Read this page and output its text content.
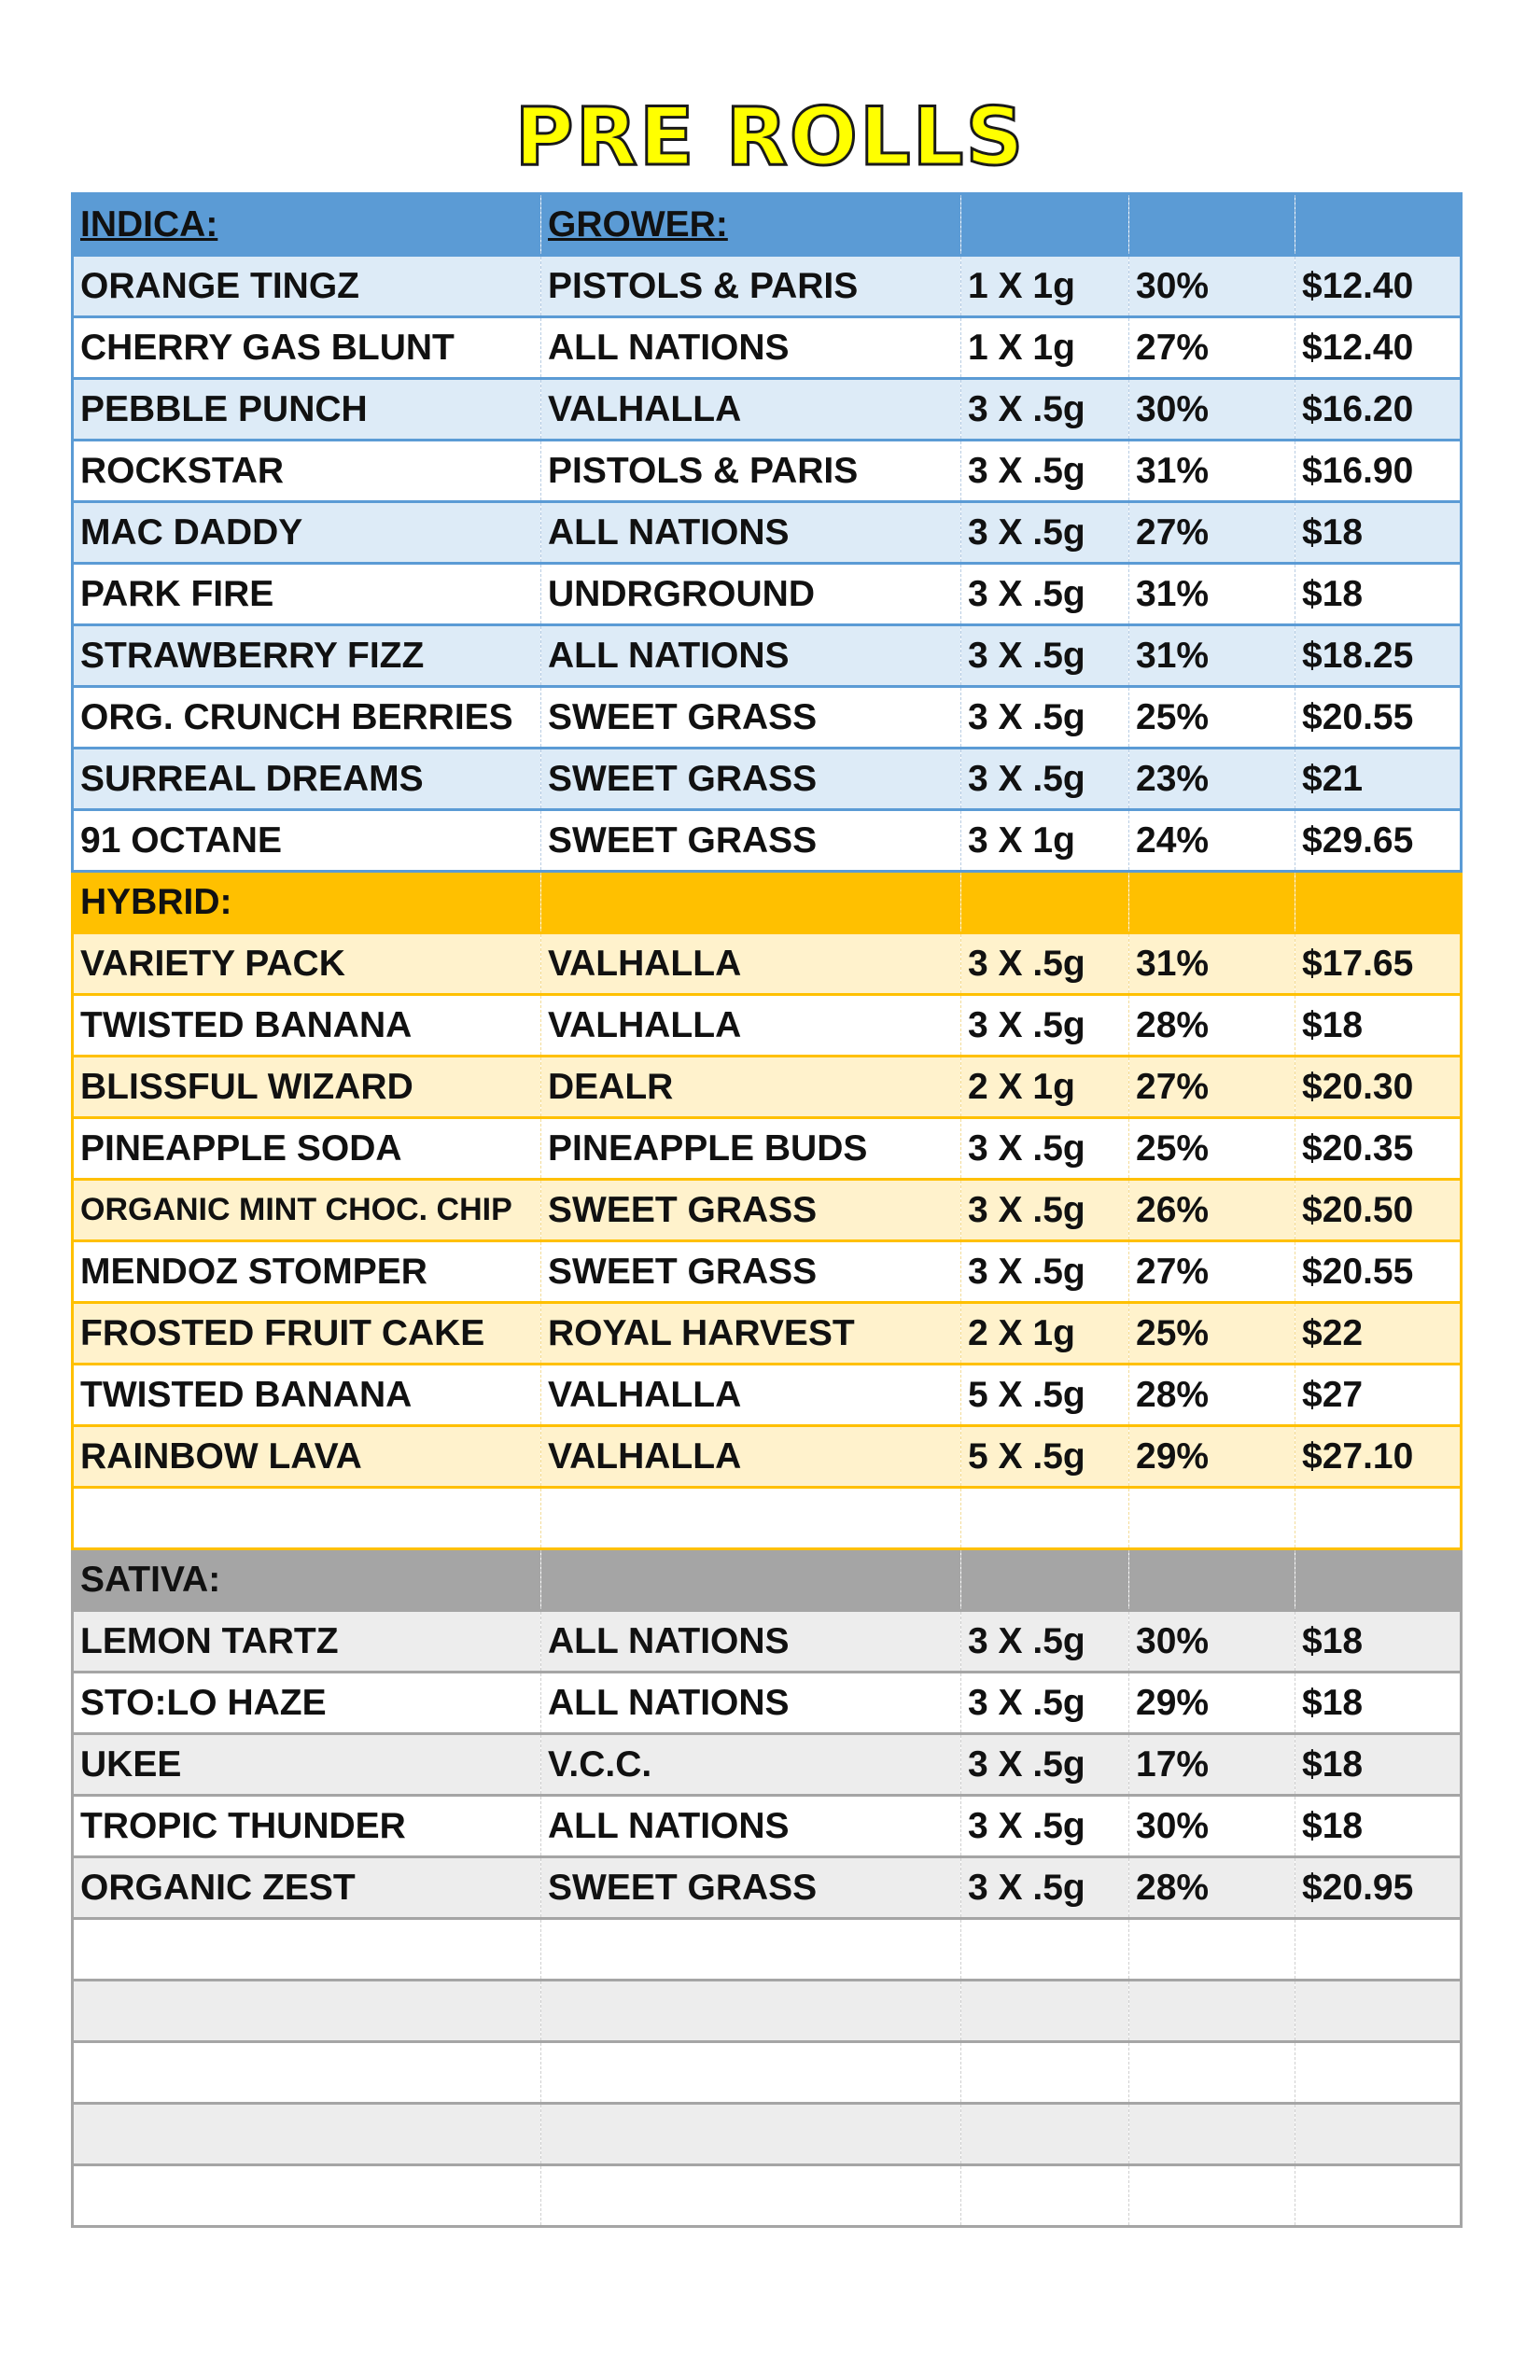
PRE ROLLS
INDICA:	GROWER:			
ORANGE TINGZ	PISTOLS & PARIS	1 X 1g	30%	$12.40
CHERRY GAS BLUNT	ALL NATIONS	1 X 1g	27%	$12.40
PEBBLE PUNCH	VALHALLA	3 X .5g	30%	$16.20
ROCKSTAR	PISTOLS & PARIS	3 X .5g	31%	$16.90
MAC DADDY	ALL NATIONS	3 X .5g	27%	$18
PARK FIRE	UNDRGROUND	3 X .5g	31%	$18
STRAWBERRY FIZZ	ALL NATIONS	3 X .5g	31%	$18.25
ORG. CRUNCH BERRIES	SWEET GRASS	3 X .5g	25%	$20.55
SURREAL DREAMS	SWEET GRASS	3 X .5g	23%	$21
91 OCTANE	SWEET GRASS	3 X 1g	24%	$29.65
HYBRID:				
VARIETY PACK	VALHALLA	3 X .5g	31%	$17.65
TWISTED BANANA	VALHALLA	3 X .5g	28%	$18
BLISSFUL WIZARD	DEALR	2 X 1g	27%	$20.30
PINEAPPLE SODA	PINEAPPLE BUDS	3 X .5g	25%	$20.35
ORGANIC MINT CHOC. CHIP	SWEET GRASS	3 X .5g	26%	$20.50
MENDOZ STOMPER	SWEET GRASS	3 X .5g	27%	$20.55
FROSTED FRUIT CAKE	ROYAL HARVEST	2 X 1g	25%	$22
TWISTED BANANA	VALHALLA	5 X .5g	28%	$27
RAINBOW LAVA	VALHALLA	5 X .5g	29%	$27.10

SATIVA:				
LEMON TARTZ	ALL NATIONS	3 X .5g	30%	$18
STO:LO HAZE	ALL NATIONS	3 X .5g	29%	$18
UKEE	V.C.C.	3 X .5g	17%	$18
TROPIC THUNDER	ALL NATIONS	3 X .5g	30%	$18
ORGANIC ZEST	SWEET GRASS	3 X .5g	28%	$20.95
